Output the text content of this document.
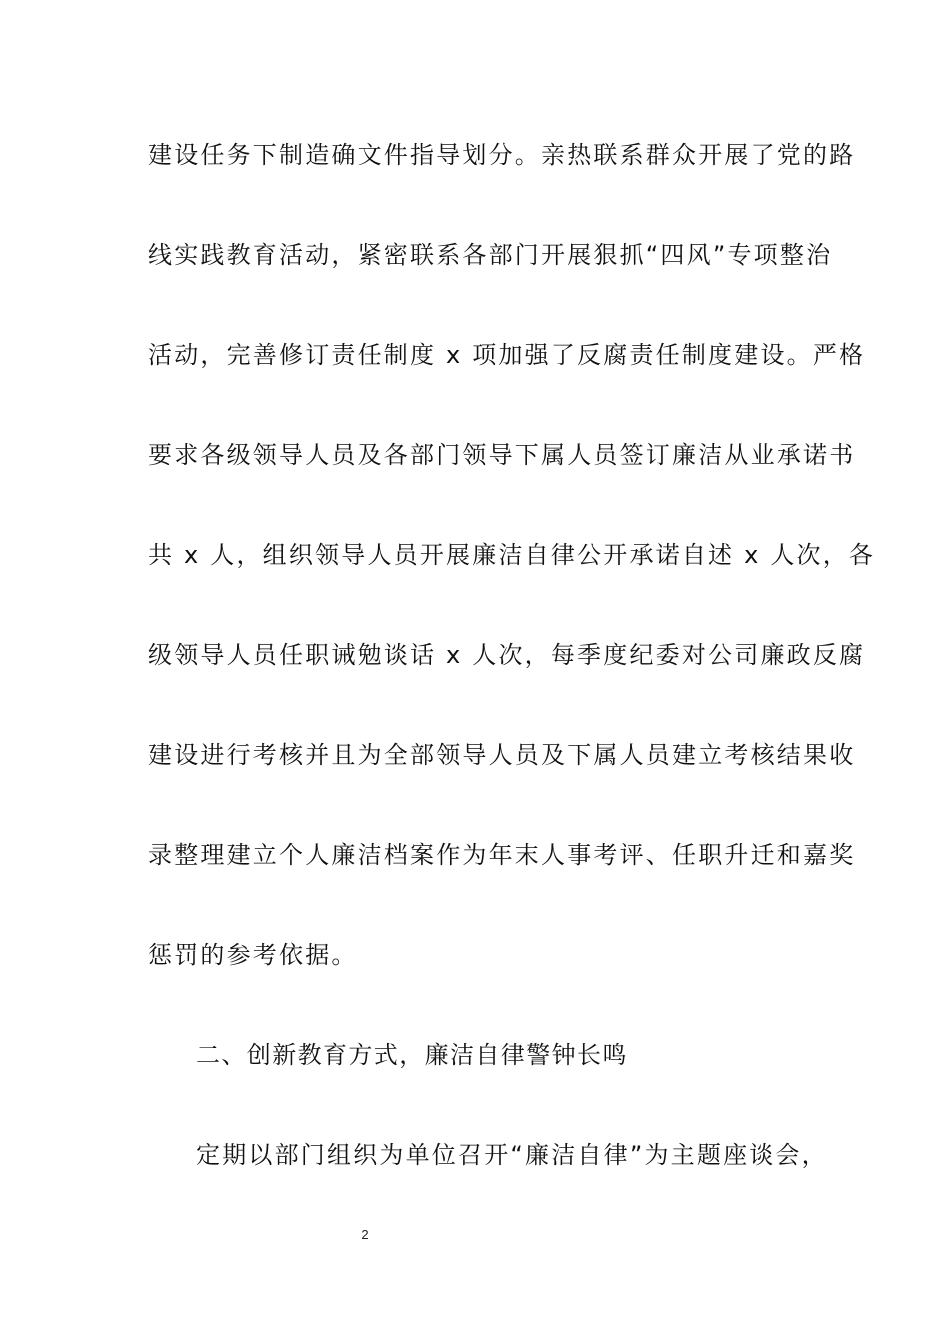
建设任务下制造确文件指导划分。亲热联系群众开展了党的路
线实践教育活动，紧密联系各部门开展狠抓“四风”专项整治
活动，完善修订责任制度 x 项加强了反腐责任制度建设。严格
要求各级领导人员及各部门领导下属人员签订廉洁从业承诺书
共 x 人，组织领导人员开展廉洁自律公开承诺自述 x 人次，各
级领导人员任职诫勉谈话 x 人次，每季度纪委对公司廉政反腐
建设进行考核并且为全部领导人员及下属人员建立考核结果收
录整理建立个人廉洁档案作为年末人事考评、任职升迁和嘉奖
惩罚的参考依据。
二、创新教育方式，廉洁自律警钟长鸣
定期以部门组织为单位召开“廉洁自律”为主题座谈会，
2
